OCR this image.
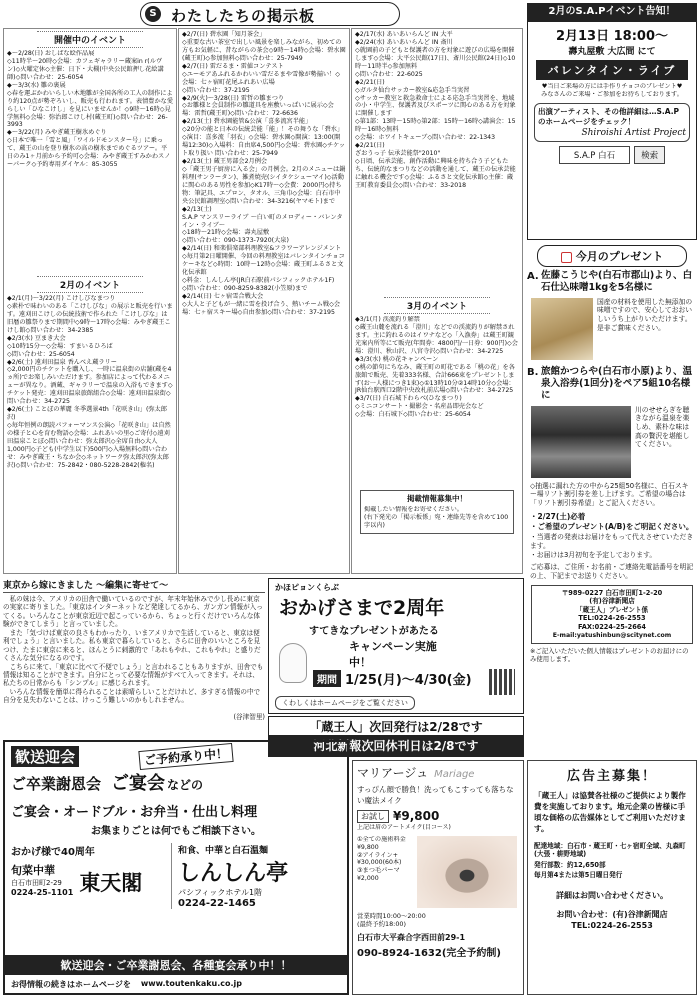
S わたしたちの掲示板
開催中のイベント
◆～2/28(日) おしばな絵作品展
◇11時半～20時◇会場：カフェギャラリー蔵案in r(ルヴン)◇火曜定休◇主催：日下・大槻(中央公民館押し花絵講師)◇問い合わせ：25-6054
◆～3/3(水) 雛の裏展
◇春を運ぶかわいらしい木地雛が全国各所の工人の制作により約120点が勢ぞろいし、販売も行われます。表情豊かな愛らしい「ひなこけし」を見にいませんか！◇9時～16時◇見学無料◇会場：弥治郎こけし村(蔵王町)◇問い合わせ：26-3993
◆～3/22(月) みやぎ蔵王樹氷めぐり
◇日本で唯一「雪と風」「ワイルドモンスター号」に乗って、蔵王の山を登り樹氷の高の樹氷までめぐるツアー。平日のみ1ヶ月前から予約可◇会場：みやぎ蔵王すみかわスノーパーク◇予約専用ダイヤル：85-3055
2月のイベント
◆2/1(月)～3/22(月) こけしびなまつり
◇素朴で味わいのある「こけしびな」の展示と販売を行います。遠刈田こけしの伝統技術で作られた「こけしびな」は旧暦の雛祭りまで期間中◇9時～17時◇会場：みやぎ蔵王こけし館◇問い合わせ：34-2385
◆2/3(水) 豆まき大会
◇10時15分～◇会場：すまいるひろば
◇問い合わせ：25-6054
◆2/6(土) 遠刈田温泉 香んべえ蔵ラリー
◇2,000円のチケットを購入し、一時に温泉街の店舗(蔵を4ヵ所)でお楽しみいただけます。参加店によって代わるメニューが異なり。酒蔵、ギャラリーで温泉の入浴もできます◇チケット発売：遠刈田温泉旅館組合◇会場：遠刈田温泉街◇問い合わせ：34-2725
◆2/6(土) ことぼの華麗 冬季選景4th「花咲き山」(弥太郎沢)
◇毎年恒例の朗読パフォーマンス公演◇「花咲き山」は自然の様子と心を育む物語◇会場：ふれあいの里◇ご寄付◇遠刈田温泉ことぼ◇問い合わせ：弥太郎沢◇全席自由◇大人1,000円◇子ども(中学生以下)500円◇入場無料◇問い合わせ：みやぎ蔵王・ちなか会◇ネットワーク弥太郎沢(弥太郎沢)◇問い合わせ：75-2842・080-5228-2842(権名)
◆2/7(日) 碧水園「知月茶会」
◇重要な古い茶室で出しい風景を楽しみながら、初めての方もお気軽に、昔ながらの茶会◇9時～14時◇会場：碧水園(蔵王町)◇参加無料◇問い合わせ：25-7949
◆2/7(日) 雷だるま・雷値コンテスト
◇ユーモアあふれるかわいい雪だるまや雪像が勢揃い！◇会場：七ヶ宿町花尾ふれあい広場
◇問い合わせ：37-2195
◆2/9(火)～3/28(日) 雷哲の雛まつり
◇お雛様と会員制作の雛道具を座敷いっぱいに展示◇会場：雷哲(蔵王町)◇問い合わせ：72-6636
◆2/13(土) 碧水園能管&公演「喜多流宮半能」
◇20分の能と日本の伝統芸能「能」！その舞うな「碧水」
◇演目：喜多流「羽衣」◇会場：碧水園◇開演：13:00(開場12:30)◇入場料：自由席4,500円◇会場：碧水園◇チケット取り扱い 問い合わせ：25-7949
◆2/13(土) 蔵王男部会2月例会
◇「蔵王男子厨房に入る会」の月例会。2月のメニューは鍋料理(サンラータン)、雑煮焼売(シイタケシューマイ)◇活動に関心のある男性を参加◇K17時～◇会費：2000円◇持ち物：筆記具、エプロン、タオル、三角巾◇会場：白石市中央公民館調理室◇問い合わせ：34-3216(ヤマモト)まで
◆2/13(土)
S.A.P マンスリーライブ ～白い町のメロディー・バレンタイン・ライブ～
◇18時～21時◇会場：壽丸屋敷
◇問い合わせ：090-1373-7920(大泉)
◆2/14(日) 和楽倶楽部料理教室&フラワーアレンジメント
◇毎月第2日曜開催、今回の料理教室はバレンタインチョコケーキなど◇時間：10時～12時◇会場：蔵王町ふるさと文化伝承館
◇料金：しんしん亭(JR白石駅前パシフィックホテル1F)
◇問い合わせ：090-8259-8382(小笠原)まで
◆2/14(日) 七ヶ宿雪合戦大会
◇大人と子どもが一緒に雪を投げ合う、熱いチーム戦◇会場：七ヶ宿スキー場◇自由参加◇問い合わせ：37-2195
◆2/17(水) あいあいらんど IN 大平
◆2/24(水) あいあいらんど IN 斎川
◇就園前の子どもと保護者の方を対象に遊びの広場を開催します◇会場：大平公民館(17日)、斎川公民館(24日)◇10時～11時半◇参加無料
◇問い合わせ：22-6025
◆2/21(日)
◇ガルタ仙台サッカー教室&応急手当実習
◇サッカー教室と救急救命士による応急手当実習を、地域の小・中学生、保護者及びスポーツに関心のある方を対象に開催します
◇第1部：13時～15時◇第2部：15時～16時◇講演会：15時～16時◇無料
◇会場：ホワイトキューブ◇問い合わせ：22-1343
◆2/21(日)
ざおうっ子 伝承芸能祭"2010"
◇日頃、伝承芸能、創作活動に興味を持ち合う子どもたち、伝統的なまつりなどの活動を通して、蔵王の伝承芸能に触れる機会です◇会場：ふるさと文化伝承館◇主催：蔵王町教育委員会◇問い合わせ：33-2018
3月のイベント
◆3/1(月) 渓流釣り解禁
◇蔵王山麓を流れる「澄川」などでの渓流釣りが解禁されます。主に釣れるのはイワナなど◇「入漁券」は蔵王町観光案内所等にて販売(年間券：4800円/一日券：900円)◇会場：澄川、秋山沢、八宮寺沢◇問い合わせ：34-2725
◆3/3(水) 桃の花キャンペーン
◇桃の節句にちなみ、蔵王町の町花である「桃の花」を各旅館で販売、先着333名様、合計666束をプレゼントします(お一人様につき1束)◇①13時10分②14時10分◇会場：JR仙台駅西口2階中央改札前広場◇問い合わせ：34-2725
◆3/7(日) 白石城下わらべ(ひなまつり)
◇ミニコンサート・撮影会・名産品即売会など
◇会場：白石城下◇問い合わせ：25-6054
掲載情報募集中！
掲載したい情報をお寄せください。
(右下発光の「掲示板係」宛・連絡先等を含めて100字以内)
2月のS.A.Pイベント告知！
2月13日 18:00～
壽丸屋敷 大広間 にて
バレンタイン・ライブ
♥当日ご来場の方には手作りチョコのプレゼント♥
みなさんのご来場・ご参加をお待ちしております。
出演アーティスト、その他詳細は…S.A.Pのホームページをチェック！
Shiroishi Artist Project
S.A.P 白石	検索
今月のプレゼント
A. 佐藤こうじや(白石市郡山)より、白石仕込味噌1kgを5名様に
国産の材料を使用した無添加の味噌ですので、安心しておおいしいうち上がりいただけます。是非ご賞味ください。
B. 旅館かつらや(白石市小原)より、温泉入浴券(1回分)をペア5組10名様に
川のせせらぎを聴きながら温泉を楽しめ、素朴な味は高の贅沢を堪能してください。
◇抽選に漏れた方の中から25組50名様に、白石スキー場リフト割引券を差し上げます。ご希望の場合は「リフト割引券希望」とご記入ください。
・2/27(土)必着
・ご希望のプレゼント(A/B)をご明記ください。
・当選者の発表はお届けをもって代えさせていただきます。
・お届けは3月初旬を予定しております。
ご応募は、ご住所・お名前・ご連絡先電話番号を明記の上、下記までお送りください。
〒989-0227 白石市田町1-2-20
(有)谷津新聞店
「蔵王人」プレゼント係
TEL:0224-26-2553
FAX:0224-25-2664
E-mail:yatushinbun@scitynet.com
※ご記入いただいた個人情報はプレゼントのお届けにのみ使用します。
東京から嫁にきました ～編集に寄せて～
　私の妹は今、アメリカの田舎で働いているのですが、年末年始休みで少し長めに東京の実家に寄りました。「東京はインターネットなど発達してるから、ガンガン情報が入ってくる。いろんなことが東京近辺で起こっているから、ちょっと行くだけでいろんな体験ができてしまう」と言っていました。
　また「気づけば東京の良さもわかったり、いまアメリカで生活していると、東京は便利でしょう」と言いました。私も東京で暮らしていると、さらに田舎のいいところを見つけ、たまに東京に来ると、ほんとうに刺激的で「あれもやれ、これもやれ」と盛りだくさんな気分になるのです。
　こちらに来て、「東京に比べて不便でしょう」と言われることもありますが、田舎でも情報は知ることができます。自分にとって必要な情報がすべて入ってきます。それは、私たちの日常からも「シンプル」に感じられます。
　いろんな情報を簡単に得られることは素晴らしいことだけれど、多すぎる情報の中で自分を見失わないことは、けっこう難しいのかもしれません。
(谷津智里)
かほピョンくらぶ
おかげさまで2周年
すてきなプレゼントがあたる
キャンペーン実施中！
期間 1/25(月)～4/30(金)
くわしくはホームページをご覧ください
「蔵王人」次回発行は2/28です
河北新報次回休刊日は2/8です
歓送迎会	ご予約承り中！
ご卒業謝恩会 ご宴会 などの
ご宴会・オードブル・お弁当・仕出し料理
お集まりごとは何でもご相談下さい。
おかげ様で40周年
旬菜中華
白石市田町2-29
0224-25-1101 東天閣
和食、中華と白石温麺
しんしん亭
パシフィックホテル1階
0224-22-1465
歓送迎会・ご卒業謝恩会、各種宴会承り中！！
お得情報の続きはホームページを www.toutenkaku.co.jp
マリアージュ Mariage
すっぴん顔で勝負！洗ってもこすっても落ちない魔法メイク
お試し ¥9,800
上記は眉のアートメイク(目コース)
①全ての施術料金
¥9,800
②アイライン+
¥30,000(60本)
③まつ毛パーマ
¥2,000
営業時間10:00～20:00
(最終予約18:00)
白石市大平森合字西田前29-1
090-8924-1632(完全予約制)
広告主募集！
「蔵王人」は協賛各社様のご提供により製作費を実施しております。地元企業の皆様に手頃な価格の広告媒体としてご利用いただけます。
配達地域：白石市・蔵王町・七ヶ宿町全域、丸森町(大張・耕野地域)
発行部数：約12,650部
毎月第4または第5日曜日発行
詳細はお問い合わせください。
お問い合わせ：(有)谷津新聞店
TEL:0224-26-2553
